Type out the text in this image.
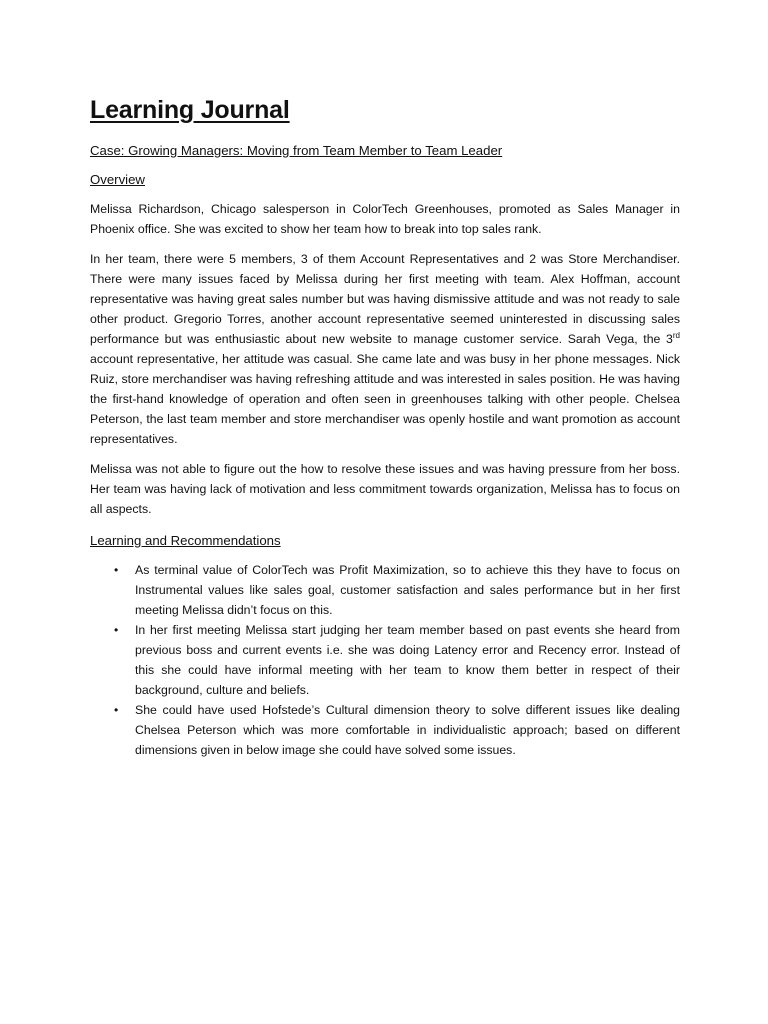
Learning Journal
Case: Growing Managers: Moving from Team Member to Team Leader
Overview

Melissa Richardson, Chicago salesperson in ColorTech Greenhouses, promoted as Sales Manager in Phoenix office. She was excited to show her team how to break into top sales rank.

In her team, there were 5 members, 3 of them Account Representatives and 2 was Store Merchandiser. There were many issues faced by Melissa during her first meeting with team. Alex Hoffman, account representative was having great sales number but was having dismissive attitude and was not ready to sale other product. Gregorio Torres, another account representative seemed uninterested in discussing sales performance but was enthusiastic about new website to manage customer service. Sarah Vega, the 3rd account representative, her attitude was casual. She came late and was busy in her phone messages. Nick Ruiz, store merchandiser was having refreshing attitude and was interested in sales position. He was having the first-hand knowledge of operation and often seen in greenhouses talking with other people. Chelsea Peterson, the last team member and store merchandiser was openly hostile and want promotion as account representatives.

Melissa was not able to figure out the how to resolve these issues and was having pressure from her boss. Her team was having lack of motivation and less commitment towards organization, Melissa has to focus on all aspects.

Learning and Recommendations
• As terminal value of ColorTech was Profit Maximization, so to achieve this they have to focus on Instrumental values like sales goal, customer satisfaction and sales performance but in her first meeting Melissa didn’t focus on this.
• In her first meeting Melissa start judging her team member based on past events she heard from previous boss and current events i.e. she was doing Latency error and Recency error. Instead of this she could have informal meeting with her team to know them better in respect of their background, culture and beliefs.
• She could have used Hofstede’s Cultural dimension theory to solve different issues like dealing Chelsea Peterson which was more comfortable in individualistic approach; based on different dimensions given in below image she could have solved some issues.
